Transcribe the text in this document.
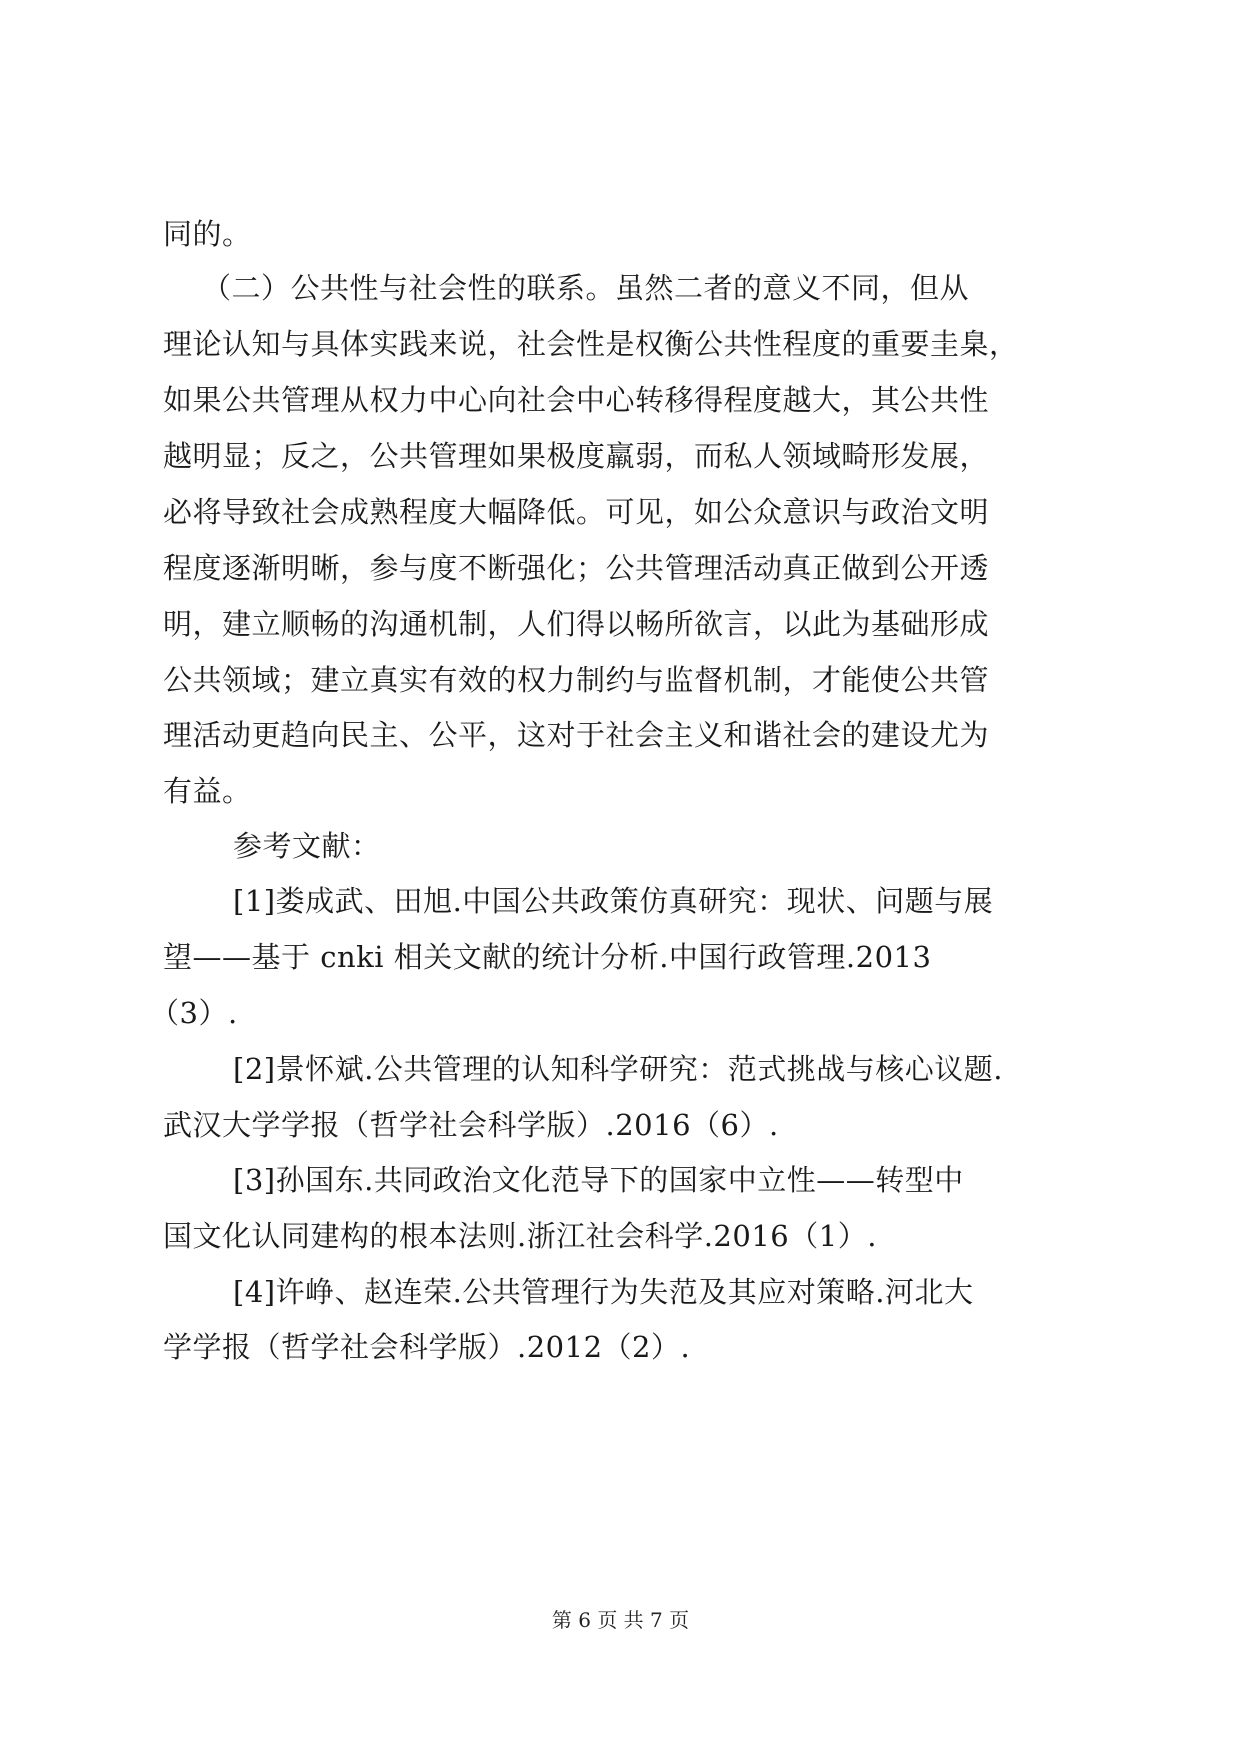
同的。
（二）公共性与社会性的联系。虽然二者的意义不同，但从
理论认知与具体实践来说，社会性是权衡公共性程度的重要圭臬，
如果公共管理从权力中心向社会中心转移得程度越大，其公共性
越明显；反之，公共管理如果极度羸弱，而私人领域畸形发展，
必将导致社会成熟程度大幅降低。可见，如公众意识与政治文明
程度逐渐明晰，参与度不断强化；公共管理活动真正做到公开透
明，建立顺畅的沟通机制，人们得以畅所欲言，以此为基础形成
公共领域；建立真实有效的权力制约与监督机制，才能使公共管
理活动更趋向民主、公平，这对于社会主义和谐社会的建设尤为
有益。
参考文献：
[1]娄成武、田旭.中国公共政策仿真研究：现状、问题与展
望——基于 cnki 相关文献的统计分析.中国行政管理.2013
（3）.
[2]景怀斌.公共管理的认知科学研究：范式挑战与核心议题.
武汉大学学报（哲学社会科学版）.2016（6）.
[3]孙国东.共同政治文化范导下的国家中立性——转型中
国文化认同建构的根本法则.浙江社会科学.2016（1）.
[4]许峥、赵连荣.公共管理行为失范及其应对策略.河北大
学学报（哲学社会科学版）.2012（2）.
第 6 页 共 7 页
